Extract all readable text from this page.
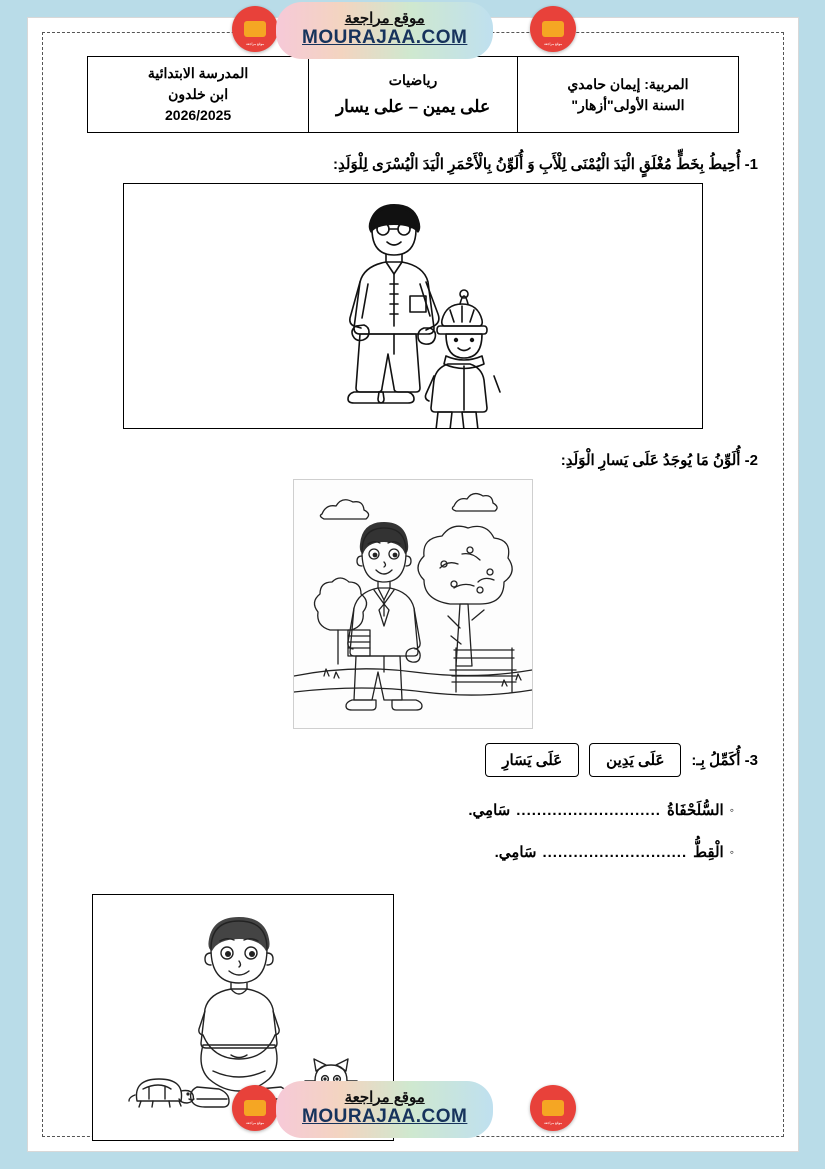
المربية: إيمان حامدي
السنة الأولى"أزهار"

رياضيات
على يمين – على يسار

المدرسة الابتدائية
ابن خلدون
2026/2025
1- أُحِيطُ بِخَطٍّ مُغْلَقٍ الْيَدَ الْيُمْنَى لِلْأَبِ وَ أُلَوِّنُ بِالْأَحْمَرِ الْيَدَ الْيُسْرَى لِلْوَلَدِ:
2- أُلَوِّنُ مَا يُوجَدُ عَلَى يَسارِ الْوَلَدِ:
3- أُكَمِّلُ بِـ:
عَلَى يَدِين
عَلَى يَسَارِ
◦
السُّلَحْفَاةُ
............................
سَامِي.
◦
الْقِطُّ
............................
سَامِي.
موقع مراجعة
موقع مراجعة
MOURAJAA.COM	موقع مراجعة
موقع مراجعة
موقع مراجعة
MOURAJAA.COM	موقع مراجعة
